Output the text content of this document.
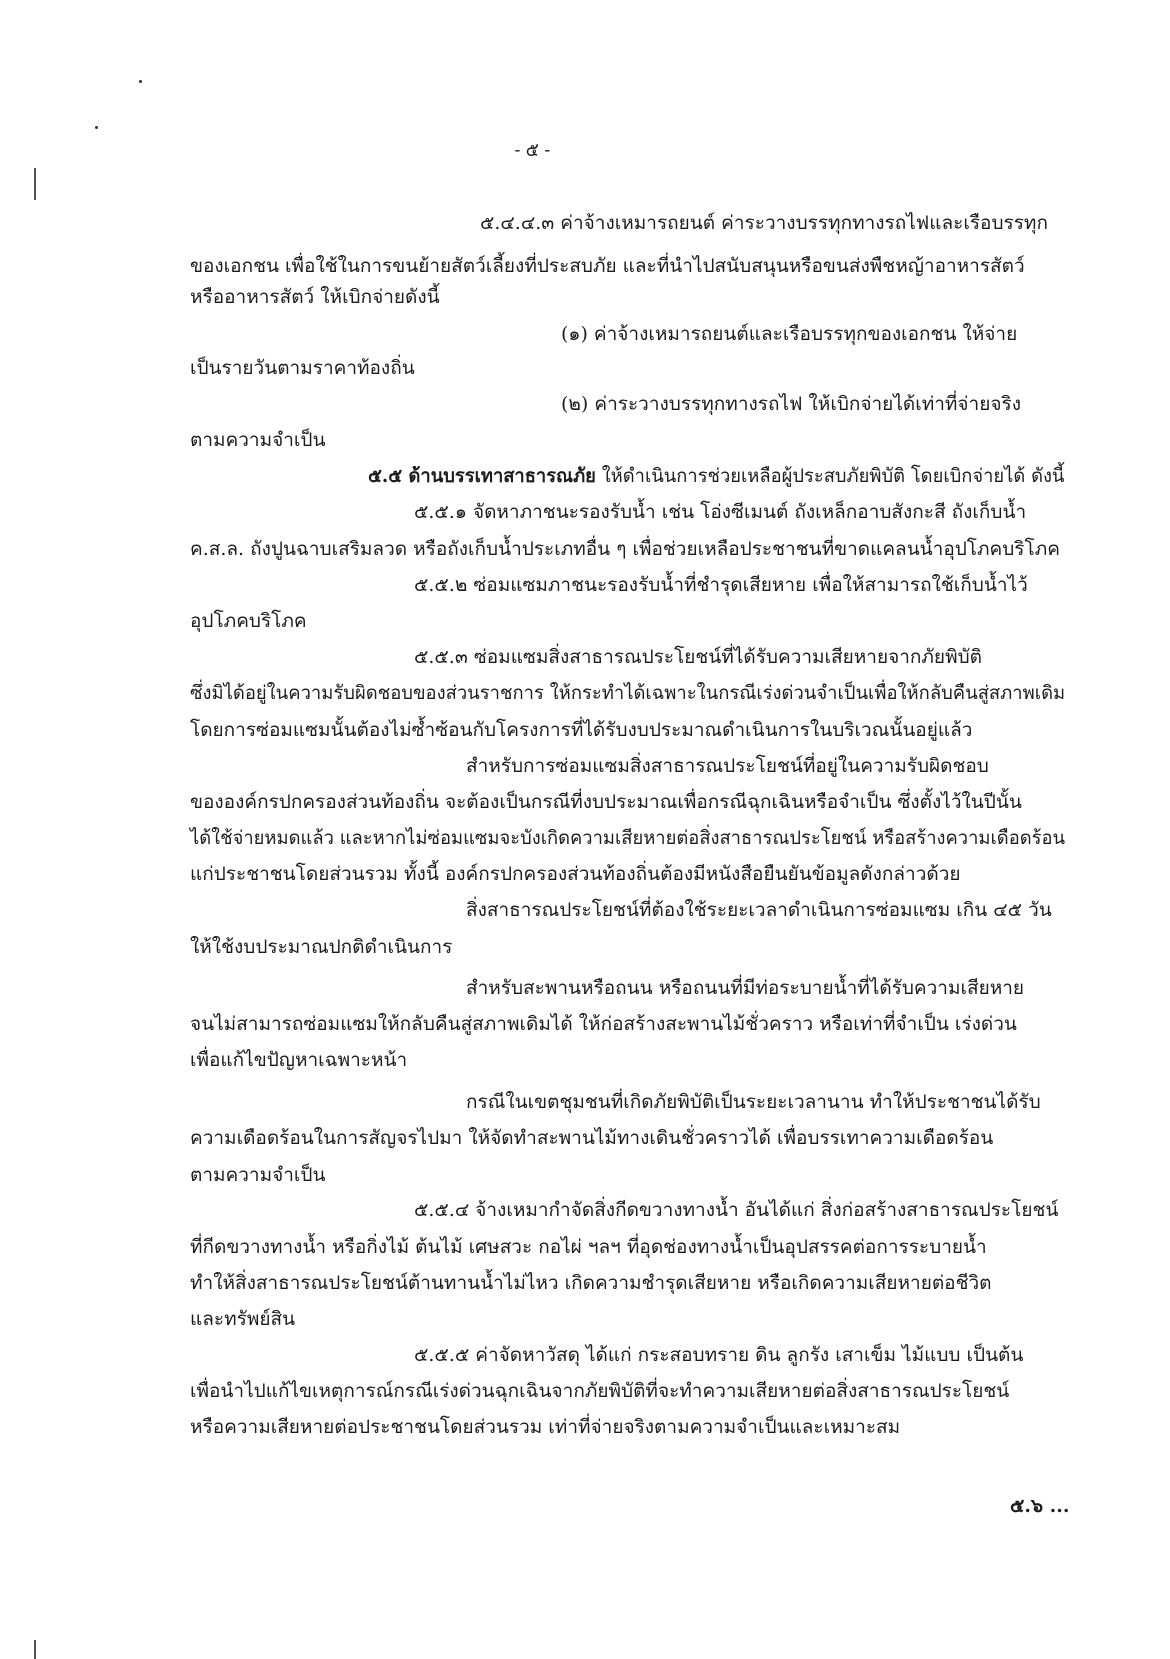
- ๕ -
๕.๔.๔.๓ ค่าจ้างเหมารถยนต์ ค่าระวางบรรทุกทางรถไฟและเรือบรรทุก
ของเอกชน เพื่อใช้ในการขนย้ายสัตว์เลี้ยงที่ประสบภัย และที่นำไปสนับสนุนหรือขนส่งพืชหญ้าอาหารสัตว์
หรืออาหารสัตว์ ให้เบิกจ่ายดังนี้
(๑) ค่าจ้างเหมารถยนต์และเรือบรรทุกของเอกชน ให้จ่าย
เป็นรายวันตามราคาท้องถิ่น
(๒) ค่าระวางบรรทุกทางรถไฟ ให้เบิกจ่ายได้เท่าที่จ่ายจริง
ตามความจำเป็น
๕.๕ ด้านบรรเทาสาธารณภัย ให้ดำเนินการช่วยเหลือผู้ประสบภัยพิบัติ โดยเบิกจ่ายได้ ดังนี้
๕.๕.๑ จัดหาภาชนะรองรับน้ำ เช่น โอ่งซีเมนต์ ถังเหล็กอาบสังกะสี ถังเก็บน้ำ
ค.ส.ล. ถังปูนฉาบเสริมลวด หรือถังเก็บน้ำประเภทอื่น ๆ เพื่อช่วยเหลือประชาชนที่ขาดแคลนน้ำอุปโภคบริโภค
๕.๕.๒ ซ่อมแซมภาชนะรองรับน้ำที่ชำรุดเสียหาย เพื่อให้สามารถใช้เก็บน้ำไว้
อุปโภคบริโภค
๕.๕.๓ ซ่อมแซมสิ่งสาธารณประโยชน์ที่ได้รับความเสียหายจากภัยพิบัติ
ซึ่งมิได้อยู่ในความรับผิดชอบของส่วนราชการ ให้กระทำได้เฉพาะในกรณีเร่งด่วนจำเป็นเพื่อให้กลับคืนสู่สภาพเดิม
โดยการซ่อมแซมนั้นต้องไม่ซ้ำซ้อนกับโครงการที่ได้รับงบประมาณดำเนินการในบริเวณนั้นอยู่แล้ว
สำหรับการซ่อมแซมสิ่งสาธารณประโยชน์ที่อยู่ในความรับผิดชอบ
ขององค์กรปกครองส่วนท้องถิ่น จะต้องเป็นกรณีที่งบประมาณเพื่อกรณีฉุกเฉินหรือจำเป็น ซึ่งตั้งไว้ในปีนั้น
ได้ใช้จ่ายหมดแล้ว และหากไม่ซ่อมแซมจะบังเกิดความเสียหายต่อสิ่งสาธารณประโยชน์ หรือสร้างความเดือดร้อน
แก่ประชาชนโดยส่วนรวม ทั้งนี้ องค์กรปกครองส่วนท้องถิ่นต้องมีหนังสือยืนยันข้อมูลดังกล่าวด้วย
สิ่งสาธารณประโยชน์ที่ต้องใช้ระยะเวลาดำเนินการซ่อมแซม เกิน ๔๕ วัน
ให้ใช้งบประมาณปกติดำเนินการ
สำหรับสะพานหรือถนน หรือถนนที่มีท่อระบายน้ำที่ได้รับความเสียหาย
จนไม่สามารถซ่อมแซมให้กลับคืนสู่สภาพเดิมได้ ให้ก่อสร้างสะพานไม้ชั่วคราว หรือเท่าที่จำเป็น เร่งด่วน
เพื่อแก้ไขปัญหาเฉพาะหน้า
กรณีในเขตชุมชนที่เกิดภัยพิบัติเป็นระยะเวลานาน ทำให้ประชาชนได้รับ
ความเดือดร้อนในการสัญจรไปมา ให้จัดทำสะพานไม้ทางเดินชั่วคราวได้ เพื่อบรรเทาความเดือดร้อน
ตามความจำเป็น
๕.๕.๔ จ้างเหมากำจัดสิ่งกีดขวางทางน้ำ อันได้แก่ สิ่งก่อสร้างสาธารณประโยชน์
ที่กีดขวางทางน้ำ หรือกิ่งไม้ ต้นไม้ เศษสวะ กอไผ่ ฯลฯ ที่อุดช่องทางน้ำเป็นอุปสรรคต่อการระบายน้ำ
ทำให้สิ่งสาธารณประโยชน์ต้านทานน้ำไม่ไหว เกิดความชำรุดเสียหาย หรือเกิดความเสียหายต่อชีวิต
และทรัพย์สิน
๕.๕.๕ ค่าจัดหาวัสดุ ได้แก่ กระสอบทราย ดิน ลูกรัง เสาเข็ม ไม้แบบ เป็นต้น
เพื่อนำไปแก้ไขเหตุการณ์กรณีเร่งด่วนฉุกเฉินจากภัยพิบัติที่จะทำความเสียหายต่อสิ่งสาธารณประโยชน์
หรือความเสียหายต่อประชาชนโดยส่วนรวม เท่าที่จ่ายจริงตามความจำเป็นและเหมาะสม
๕.๖ ...
